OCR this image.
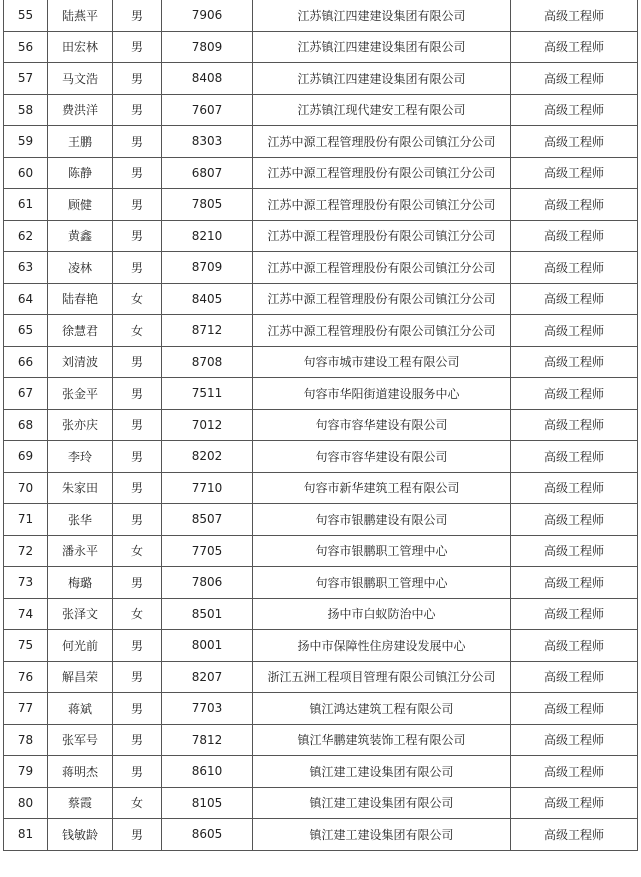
55	陆燕平	男	7906	江苏镇江四建建设集团有限公司	高级工程师
56	田宏林	男	7809	江苏镇江四建建设集团有限公司	高级工程师
57	马文浩	男	8408	江苏镇江四建建设集团有限公司	高级工程师
58	费洪洋	男	7607	江苏镇江现代建安工程有限公司	高级工程师
59	王鹏	男	8303	江苏中源工程管理股份有限公司镇江分公司	高级工程师
60	陈静	男	6807	江苏中源工程管理股份有限公司镇江分公司	高级工程师
61	顾健	男	7805	江苏中源工程管理股份有限公司镇江分公司	高级工程师
62	黄鑫	男	8210	江苏中源工程管理股份有限公司镇江分公司	高级工程师
63	凌林	男	8709	江苏中源工程管理股份有限公司镇江分公司	高级工程师
64	陆春艳	女	8405	江苏中源工程管理股份有限公司镇江分公司	高级工程师
65	徐慧君	女	8712	江苏中源工程管理股份有限公司镇江分公司	高级工程师
66	刘清波	男	8708	句容市城市建设工程有限公司	高级工程师
67	张金平	男	7511	句容市华阳街道建设服务中心	高级工程师
68	张亦庆	男	7012	句容市容华建设有限公司	高级工程师
69	李玲	男	8202	句容市容华建设有限公司	高级工程师
70	朱家田	男	7710	句容市新华建筑工程有限公司	高级工程师
71	张华	男	8507	句容市银鹏建设有限公司	高级工程师
72	潘永平	女	7705	句容市银鹏职工管理中心	高级工程师
73	梅璐	男	7806	句容市银鹏职工管理中心	高级工程师
74	张泽文	女	8501	扬中市白蚁防治中心	高级工程师
75	何光前	男	8001	扬中市保障性住房建设发展中心	高级工程师
76	解昌荣	男	8207	浙江五洲工程项目管理有限公司镇江分公司	高级工程师
77	蒋斌	男	7703	镇江鸿达建筑工程有限公司	高级工程师
78	张军号	男	7812	镇江华鹏建筑装饰工程有限公司	高级工程师
79	蒋明杰	男	8610	镇江建工建设集团有限公司	高级工程师
80	蔡霞	女	8105	镇江建工建设集团有限公司	高级工程师
81	钱敏龄	男	8605	镇江建工建设集团有限公司	高级工程师
